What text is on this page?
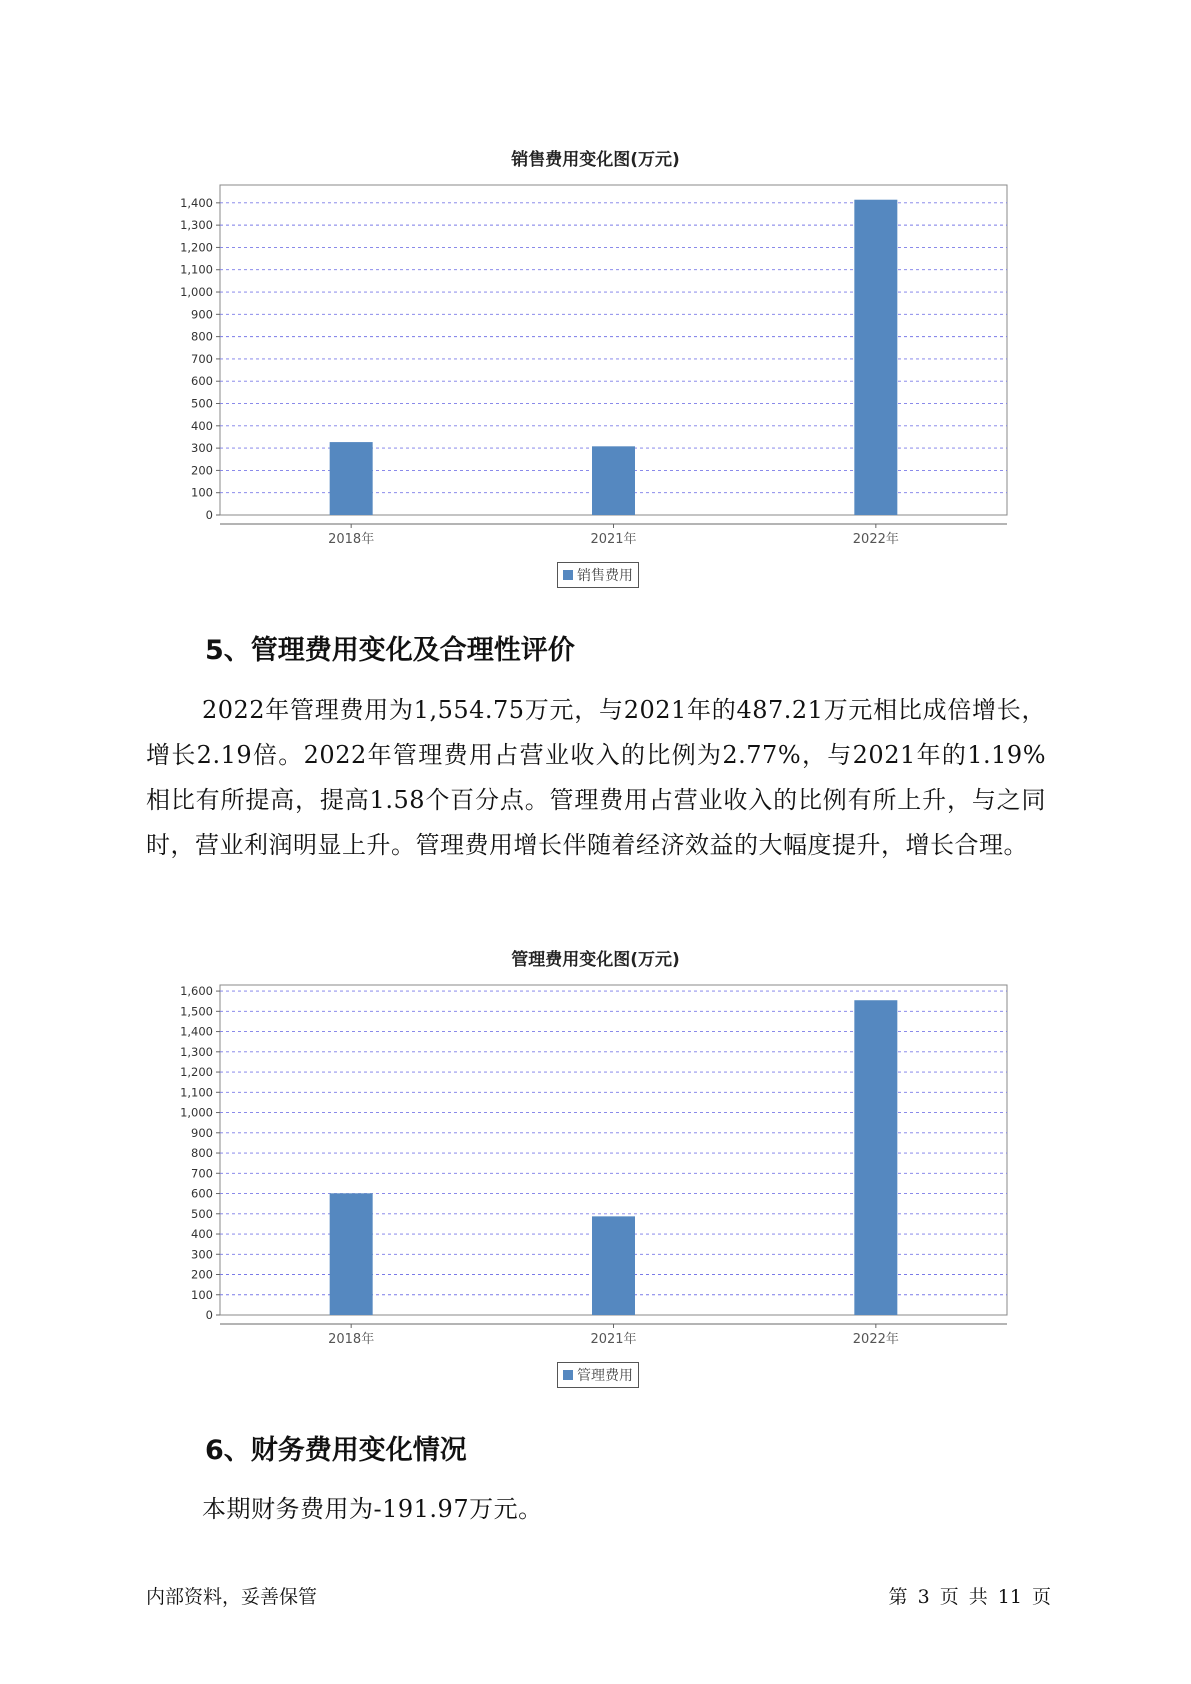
销售费用变化图(万元)
0
100
200
300
400
500
600
700
800
900
1,000
1,100
1,200
1,300
1,400
2018年	2021年	2022年
销售费用
5、管理费用变化及合理性评价
2022年管理费用为1,554.75万元，与2021年的487.21万元相比成倍增长，增长2.19倍。2022年管理费用占营业收入的比例为2.77%，与2021年的1.19%相比有所提高，提高1.58个百分点。管理费用占营业收入的比例有所上升，与之同时，营业利润明显上升。管理费用增长伴随着经济效益的大幅度提升，增长合理。
管理费用变化图(万元)
0
100
200
300
400
500
600
700
800
900
1,000
1,100
1,200
1,300
1,400
1,500
1,600
2018年	2021年	2022年
管理费用
6、财务费用变化情况
本期财务费用为-191.97万元。
内部资料，妥善保管	第 3 页 共 11 页
